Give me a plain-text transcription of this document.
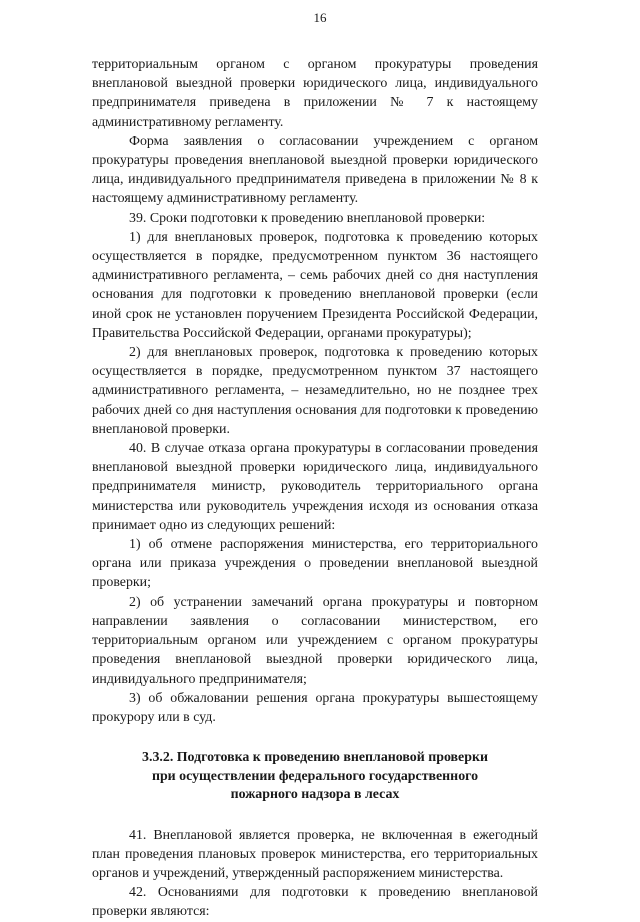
16

территориальным органом с органом прокуратуры проведения внеплановой выездной проверки юридического лица, индивидуального предпринимателя приведена в приложении № 7 к настоящему административному регламенту.

Форма заявления о согласовании учреждением с органом прокуратуры проведения внеплановой выездной проверки юридического лица, индивидуального предпринимателя приведена в приложении № 8 к настоящему административному регламенту.

39. Сроки подготовки к проведению внеплановой проверки:

1) для внеплановых проверок, подготовка к проведению которых осуществляется в порядке, предусмотренном пунктом 36 настоящего административного регламента, – семь рабочих дней со дня наступления основания для подготовки к проведению внеплановой проверки (если иной срок не установлен поручением Президента Российской Федерации, Правительства Российской Федерации, органами прокуратуры);

2) для внеплановых проверок, подготовка к проведению которых осуществляется в порядке, предусмотренном пунктом 37 настоящего административного регламента, – незамедлительно, но не позднее трех рабочих дней со дня наступления основания для подготовки к проведению внеплановой проверки.

40. В случае отказа органа прокуратуры в согласовании проведения внеплановой выездной проверки юридического лица, индивидуального предпринимателя министр, руководитель территориального органа министерства или руководитель учреждения исходя из основания отказа принимает одно из следующих решений:

1) об отмене распоряжения министерства, его территориального органа или приказа учреждения о проведении внеплановой выездной проверки;

2) об устранении замечаний органа прокуратуры и повторном направлении заявления о согласовании министерством, его территориальным органом или учреждением с органом прокуратуры проведения внеплановой выездной проверки юридического лица, индивидуального предпринимателя;

3) об обжаловании решения органа прокуратуры вышестоящему прокурору или в суд.

3.3.2. Подготовка к проведению внеплановой проверки
при осуществлении федерального государственного
пожарного надзора в лесах

41. Внеплановой является проверка, не включенная в ежегодный план проведения плановых проверок министерства, его территориальных органов и учреждений, утвержденный распоряжением министерства.

42. Основаниями для подготовки к проведению внеплановой проверки являются:
